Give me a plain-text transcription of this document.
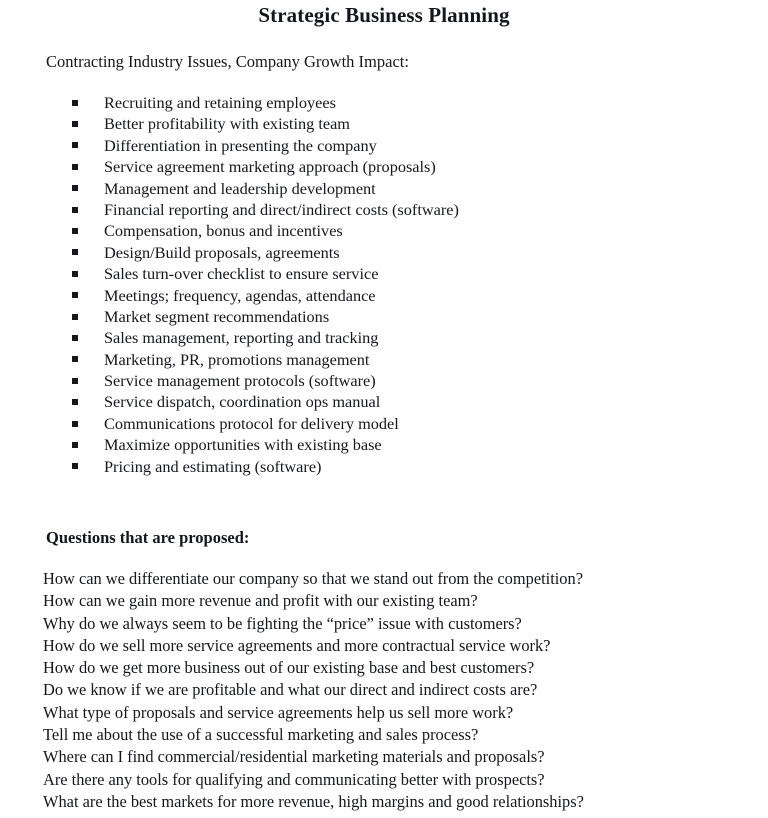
Strategic Business Planning
Contracting Industry Issues, Company Growth Impact:
Recruiting and retaining employees
Better profitability with existing team
Differentiation in presenting the company
Service agreement marketing approach (proposals)
Management and leadership development
Financial reporting and direct/indirect costs (software)
Compensation, bonus and incentives
Design/Build proposals, agreements
Sales turn-over checklist to ensure service
Meetings; frequency, agendas, attendance
Market segment recommendations
Sales management, reporting and tracking
Marketing, PR, promotions management
Service management protocols (software)
Service dispatch, coordination ops manual
Communications protocol for delivery model
Maximize opportunities with existing base
Pricing and estimating (software)
Questions that are proposed:
How can we differentiate our company so that we stand out from the competition?
How can we gain more revenue and profit with our existing team?
Why do we always seem to be fighting the “price” issue with customers?
How do we sell more service agreements and more contractual service work?
How do we get more business out of our existing base and best customers?
Do we know if we are profitable and what our direct and indirect costs are?
What type of proposals and service agreements help us sell more work?
Tell me about the use of a successful marketing and sales process?
Where can I find commercial/residential marketing materials and proposals?
Are there any tools for qualifying and communicating better with prospects?
What are the best markets for more revenue, high margins and good relationships?
